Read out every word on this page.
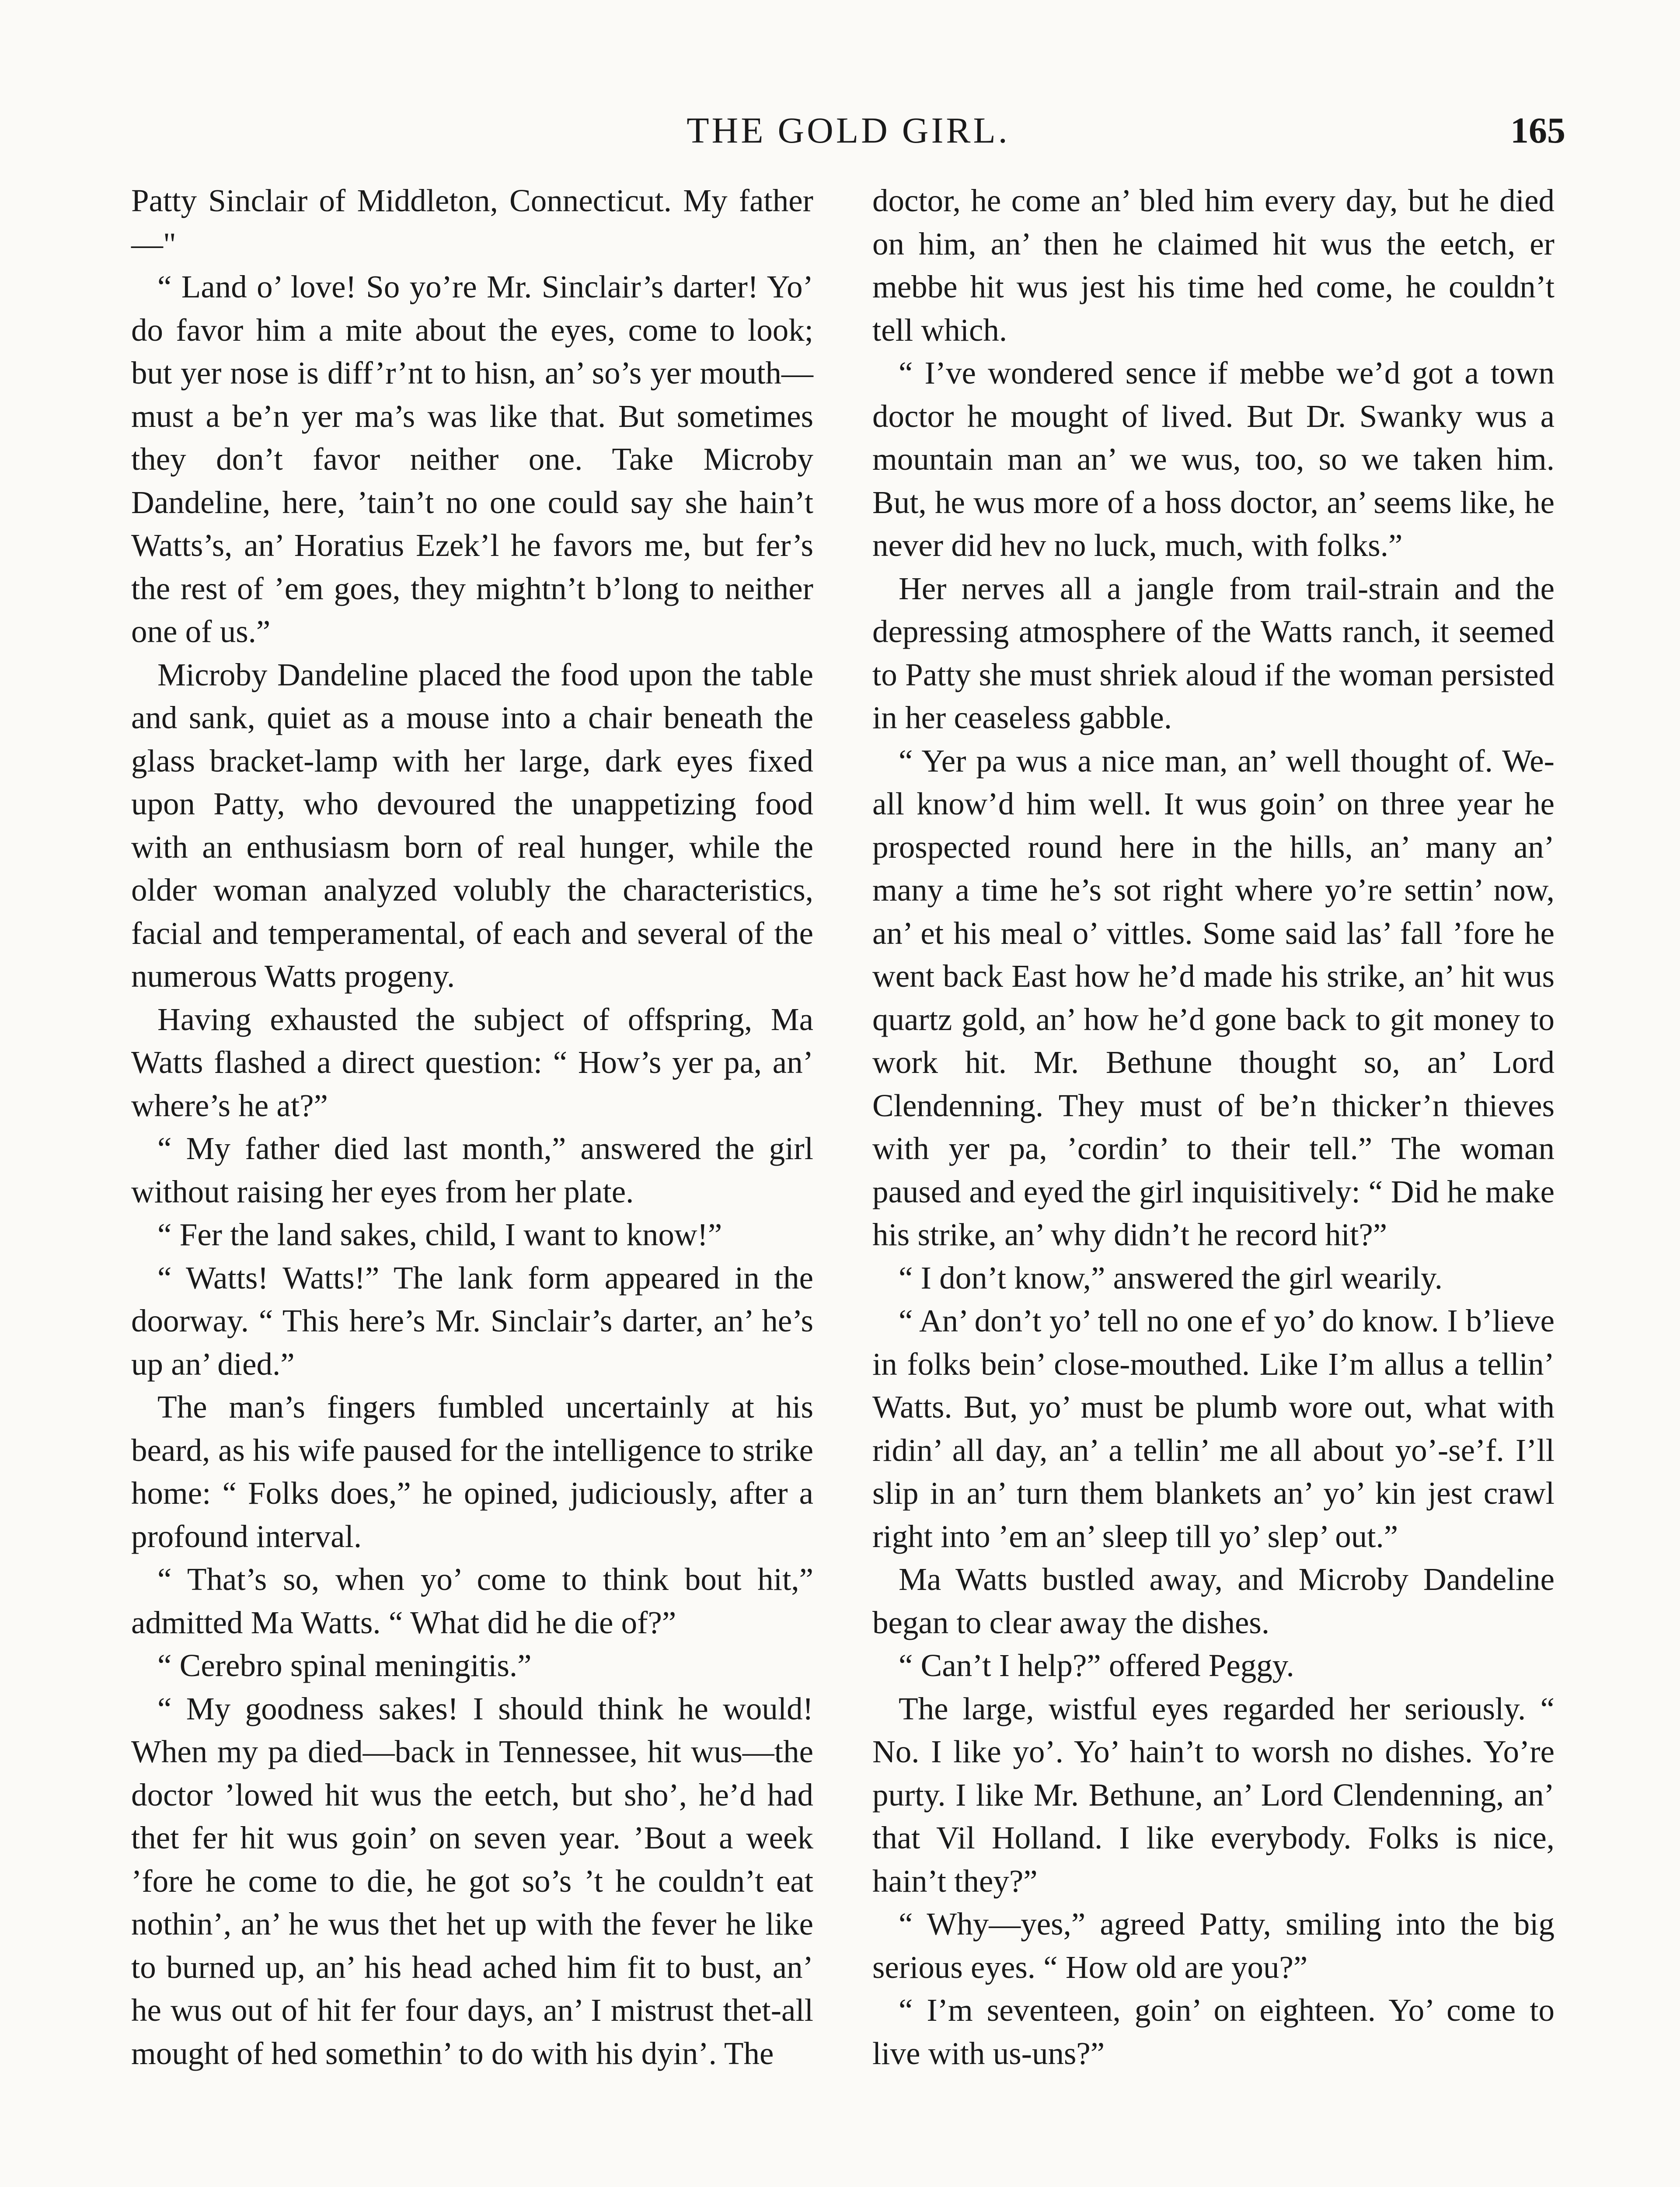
THE GOLD GIRL.	165

Patty Sinclair of Middleton, Connecticut. My father—"

“ Land o’ love! So yo’re Mr. Sinclair’s darter! Yo’ do favor him a mite about the eyes, come to look; but yer nose is diff’r’nt to hisn, an’ so’s yer mouth—must a be’n yer ma’s was like that. But sometimes they don’t favor neither one. Take Microby Dandeline, here, ’tain’t no one could say she hain’t Watts’s, an’ Horatius Ezek’l he favors me, but fer’s the rest of ’em goes, they mightn’t b’long to neither one of us.”

Microby Dandeline placed the food upon the table and sank, quiet as a mouse into a chair beneath the glass bracket-lamp with her large, dark eyes fixed upon Patty, who devoured the unappetizing food with an enthusiasm born of real hunger, while the older woman analyzed volubly the characteristics, facial and temperamental, of each and several of the numerous Watts progeny.

Having exhausted the subject of offspring, Ma Watts flashed a direct question: “ How’s yer pa, an’ where’s he at?”

“ My father died last month,” answered the girl without raising her eyes from her plate.

“ Fer the land sakes, child, I want to know!”

“ Watts! Watts!” The lank form appeared in the doorway. “ This here’s Mr. Sinclair’s darter, an’ he’s up an’ died.”

The man’s fingers fumbled uncertainly at his beard, as his wife paused for the intelligence to strike home: “ Folks does,” he opined, judiciously, after a profound interval.

“ That’s so, when yo’ come to think bout hit,” admitted Ma Watts. “ What did he die of?”

“ Cerebro spinal meningitis.”

“ My goodness sakes! I should think he would! When my pa died—back in Tennessee, hit wus—the doctor ’lowed hit wus the eetch, but sho’, he’d had thet fer hit wus goin’ on seven year. ’Bout a week ’fore he come to die, he got so’s ’t he couldn’t eat nothin’, an’ he wus thet het up with the fever he like to burned up, an’ his head ached him fit to bust, an’ he wus out of hit fer four days, an’ I mistrust thet-all mought of hed somethin’ to do with his dyin’. The

doctor, he come an’ bled him every day, but he died on him, an’ then he claimed hit wus the eetch, er mebbe hit wus jest his time hed come, he couldn’t tell which.

“ I’ve wondered sence if mebbe we’d got a town doctor he mought of lived. But Dr. Swanky wus a mountain man an’ we wus, too, so we taken him. But, he wus more of a hoss doctor, an’ seems like, he never did hev no luck, much, with folks.”

Her nerves all a jangle from trail-strain and the depressing atmosphere of the Watts ranch, it seemed to Patty she must shriek aloud if the woman persisted in her ceaseless gabble.

“ Yer pa wus a nice man, an’ well thought of. We-all know’d him well. It wus goin’ on three year he prospected round here in the hills, an’ many an’ many a time he’s sot right where yo’re settin’ now, an’ et his meal o’ vittles. Some said las’ fall ’fore he went back East how he’d made his strike, an’ hit wus quartz gold, an’ how he’d gone back to git money to work hit. Mr. Bethune thought so, an’ Lord Clendenning. They must of be’n thicker’n thieves with yer pa, ’cordin’ to their tell.” The woman paused and eyed the girl inquisitively: “ Did he make his strike, an’ why didn’t he record hit?”

“ I don’t know,” answered the girl wearily.

“ An’ don’t yo’ tell no one ef yo’ do know. I b’lieve in folks bein’ close-mouthed. Like I’m allus a tellin’ Watts. But, yo’ must be plumb wore out, what with ridin’ all day, an’ a tellin’ me all about yo’-se’f. I’ll slip in an’ turn them blankets an’ yo’ kin jest crawl right into ’em an’ sleep till yo’ slep’ out.”

Ma Watts bustled away, and Microby Dandeline began to clear away the dishes.

“ Can’t I help?” offered Peggy.

The large, wistful eyes regarded her seriously. “ No. I like yo’. Yo’ hain’t to worsh no dishes. Yo’re purty. I like Mr. Bethune, an’ Lord Clendenning, an’ that Vil Holland. I like everybody. Folks is nice, hain’t they?”

“ Why—yes,” agreed Patty, smiling into the big serious eyes. “ How old are you?”

“ I’m seventeen, goin’ on eighteen. Yo’ come to live with us-uns?”
